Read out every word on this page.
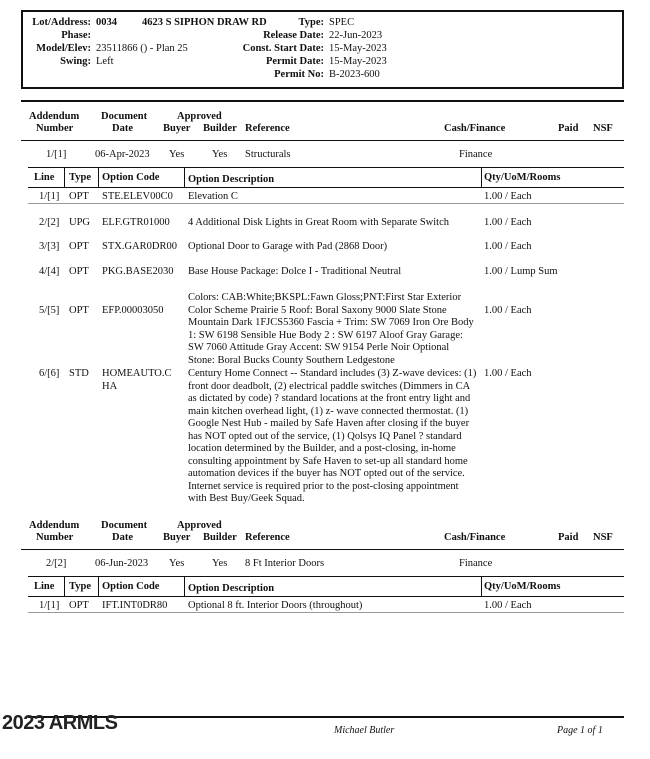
Lot/Address: 0034 4623 S SIPHON DRAW RD
Phase:
Model/Elev: 23511866 () - Plan 25
Swing: Left
Type: SPEC
Release Date: 22-Jun-2023
Const. Start Date: 15-May-2023
Permit Date: 15-May-2023
Permit No: B-2023-600
Addendum
Number
Document
Date
Approved
Buyer Builder Reference	Cash/Finance	Paid NSF
1/[1]	06-Apr-2023 Yes	Yes Structurals	Finance
Line Type Option Code	Option Description	Qty/UoM/Rooms
1/[1] OPT STE.ELEV00C0 Elevation C	1.00 / Each
2/[2] UPG ELF.GTR01000 4 Additional Disk Lights in Great Room with Separate Switch	1.00 / Each
3/[3] OPT STX.GAR0DR00 Optional Door to Garage with Pad (2868 Door)	1.00 / Each
4/[4] OPT PKG.BASE2030 Base House Package: Dolce I - Traditional Neutral	1.00 / Lump Sum
5/[5] OPT EFP.00003050
Colors: CAB:White;BKSPL:Fawn Gloss;PNT:First Star Exterior Color Scheme Prairie 5 Roof: Boral Saxony 9000 Slate Stone Mountain Dark 1FJCS5360 Fascia + Trim: SW 7069 Iron Ore Body 1: SW 6198 Sensible Hue Body 2 : SW 6197 Aloof Gray Garage: SW 7060 Attitude Gray Accent: SW 9154 Perle Noir Optional Stone: Boral Bucks County Southern Ledgestone
1.00 / Each
6/[6] STD HOMEAUTO.CHA
Century Home Connect -- Standard includes (3) Z-wave devices: (1) front door deadbolt, (2) electrical paddle switches (Dimmers in CA as dictated by code) ? standard locations at the front entry light and main kitchen overhead light, (1) z- wave connected thermostat. (1) Google Nest Hub - mailed by Safe Haven after closing if the buyer has NOT opted out of the service, (1) Qolsys IQ Panel ? standard location determined by the Builder, and a post-closing, in-home consulting appointment by Safe Haven to set-up all standard home automation devices if the buyer has NOT opted out of the service. Internet service is required prior to the post-closing appointment with Best Buy/Geek Squad.
1.00 / Each
Addendum
Number
Document
Date
Approved
Buyer Builder Reference	Cash/Finance	Paid NSF
2/[2]	06-Jun-2023 Yes	Yes 8 Ft Interior Doors	Finance
Line Type Option Code	Option Description	Qty/UoM/Rooms
1/[1] OPT IFT.INT0DR80 Optional 8 ft. Interior Doors (throughout)	1.00 / Each
2023 ARMLS	Michael Butler	Page 1 of 1
